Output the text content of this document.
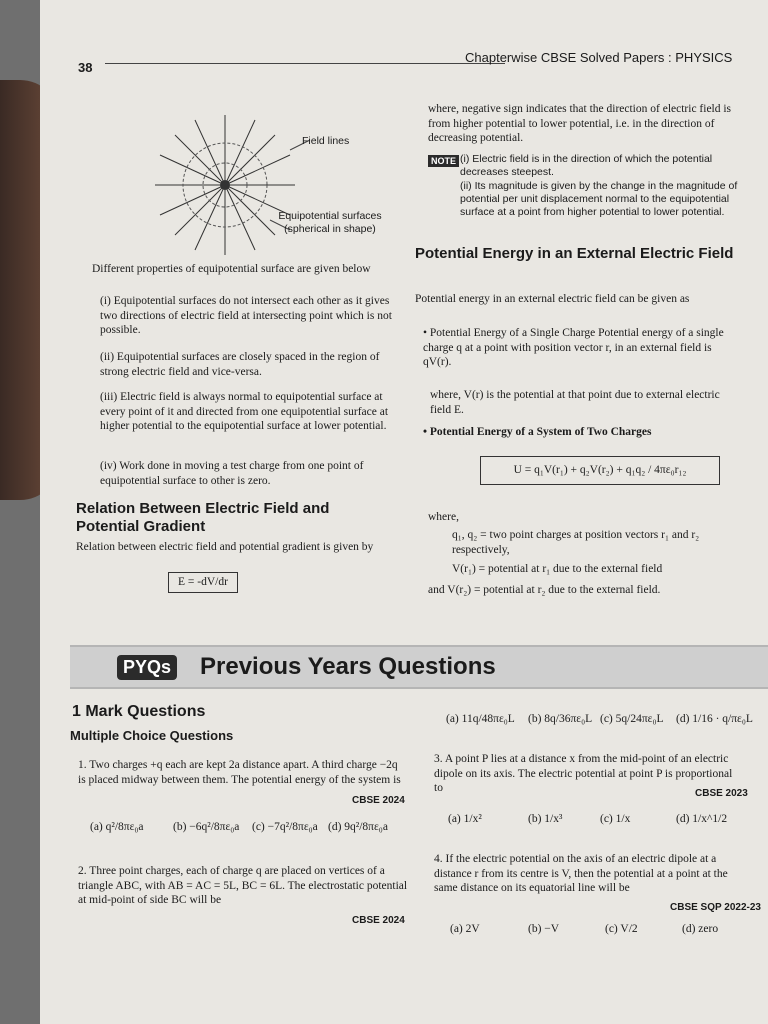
38
Chapterwise CBSE Solved Papers : PHYSICS
Field lines
Equipotential surfaces (spherical in shape)
Different properties of equipotential surface are given below
(i) Equipotential surfaces do not intersect each other as it gives two directions of electric field at intersecting point which is not possible.
(ii) Equipotential surfaces are closely spaced in the region of strong electric field and vice-versa.
(iii) Electric field is always normal to equipotential surface at every point of it and directed from one equipotential surface at higher potential to the equipotential surface at lower potential.
(iv) Work done in moving a test charge from one point of equipotential surface to other is zero.
Relation Between Electric Field and Potential Gradient
Relation between electric field and potential gradient is given by
E = -dV/dr
where, negative sign indicates that the direction of electric field is from higher potential to lower potential, i.e. in the direction of decreasing potential.
NOTE (i) Electric field is in the direction of which the potential decreases steepest.
(ii) Its magnitude is given by the change in the magnitude of potential per unit displacement normal to the equipotential surface at a point from higher potential to lower potential.
Potential Energy in an External Electric Field
Potential energy in an external electric field can be given as
• Potential Energy of a Single Charge Potential energy of a single charge q at a point with position vector r, in an external field is qV(r).
where, V(r) is the potential at that point due to external electric field E.
• Potential Energy of a System of Two Charges
U = q₁V(r₁) + q₂V(r₂) + q₁q₂ / 4πε₀r₁₂
where,
q₁, q₂ = two point charges at position vectors r₁ and r₂ respectively,
V(r₁) = potential at r₁ due to the external field
and V(r₂) = potential at r₂ due to the external field.
PYQs Previous Years Questions
1 Mark Questions
Multiple Choice Questions
1. Two charges +q each are kept 2a distance apart. A third charge −2q is placed midway between them. The potential energy of the system is
CBSE 2024
(a) q²/8πε₀a	(b) −6q²/8πε₀a (c) −7q²/8πε₀a (d) 9q²/8πε₀a
2. Three point charges, each of charge q are placed on vertices of a triangle ABC, with AB = AC = 5L, BC = 6L. The electrostatic potential at mid-point of side BC will be
CBSE 2024
(a) 11q/48πε₀L (b) 8q/36πε₀L (c) 5q/24πε₀L (d) 1/16 · q/πε₀L
3. A point P lies at a distance x from the mid-point of an electric dipole on its axis. The electric potential at point P is proportional to	CBSE 2023
(a) 1/x²	(b) 1/x³	(c) 1/x	(d) 1/x^1/2
4. If the electric potential on the axis of an electric dipole at a distance r from its centre is V, then the potential at a point at the same distance on its equatorial line will be
CBSE SQP 2022-23
(a) 2V	(b) −V	(c) V/2	(d) zero
